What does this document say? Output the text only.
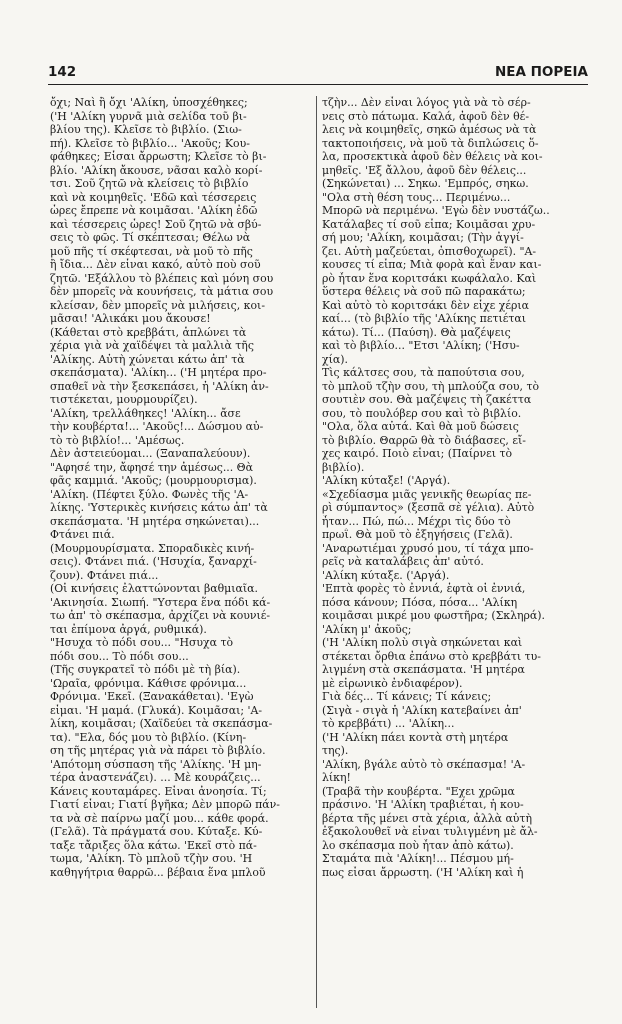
142	ΝΕΑ ΠΟΡΕΙΑ
ὄχι; Ναὶ ἢ ὄχι 'Αλίκη, ὑποσχέθηκες;
('Η 'Αλίκη γυρνᾶ μιὰ σελίδα τοῦ βι-
βλίου της). Κλεῖσε τὸ βιβλίο. (Σιω-
πή). Κλεῖσε τὸ βιβλίο... 'Ακοῦς; Κου-
φάθηκες; Εἶσαι ἄρρωστη; Κλεῖσε τὸ βι-
βλίο. 'Αλίκη ἄκουσε, νᾶσαι καλὸ κορί-
τσι. Σοῦ ζητῶ νὰ κλείσεις τὸ βιβλίο
καὶ νὰ κοιμηθεῖς. 'Εδῶ καὶ τέσσερεις
ὧρες ἔπρεπε νὰ κοιμᾶσαι. 'Αλίκη ἐδῶ
καὶ τέσσερεις ὧρες! Σοῦ ζητῶ νὰ σβύ-
σεις τὸ φῶς. Τί σκέπτεσαι; Θέλω νὰ
μοῦ πῆς τί σκέφτεσαι, νὰ μοῦ τὸ πῆς
ἢ ἴδια... Δὲν εἶναι κακό, αὐτὸ ποὺ σοῦ
ζητῶ. 'Εξάλλου τὸ βλέπεις καὶ μόνη σου
δὲν μπορεῖς νὰ κουνήσεις, τὰ μάτια σου
κλείσαν, δὲν μπορεῖς νὰ μιλήσεις, κοι-
μᾶσαι! 'Αλικάκι μου ἄκουσε!
(Κάθεται στὸ κρεββάτι, ἁπλώνει τὰ
χέρια γιὰ νὰ χαϊδέψει τὰ μαλλιὰ τῆς
'Αλίκης. Αὐτὴ χώνεται κάτω ἀπ' τὰ
σκεπάσματα). 'Αλίκη... ('Η μητέρα προ-
σπαθεῖ νὰ τὴν ξεσκεπάσει, ἡ 'Αλίκη ἀν-
τιστέκεται, μουρμουρίζει).
'Αλίκη, τρελλάθηκες! 'Αλίκη... ἄσε
τὴν κουβέρτα!... 'Ακοῦς!... Δώσμου αὐ-
τὸ τὸ βιβλίο!... 'Αμέσως.
Δὲν ἀστειεύομαι... (Ξαναπαλεύουν).
"Αφησέ την, ἄφησέ την ἀμέσως... Θὰ
φᾶς καμμιά. 'Ακοῦς; (μουρμουρισμα).
'Αλίκη. (Πέφτει ξύλο. Φωνὲς τῆς 'Α-
λίκης. 'Υστερικὲς κινήσεις κάτω ἀπ' τὰ
σκεπάσματα. 'Η μητέρα σηκώνεται)...
Φτάνει πιά.
(Μουρμουρίσματα. Σποραδικὲς κινή-
σεις). Φτάνει πιά. ('Ησυχία, ξαναρχί-
ζουν). Φτάνει πιά...
(Οἱ κινήσεις ἐλαττώνονται βαθμιαῖα.
'Ακινησία. Σιωπή. "Υστερα ἕνα πόδι κά-
τω ἀπ' τὸ σκέπασμα, ἀρχίζει νὰ κουνιέ-
ται ἐπίμονα ἀργά, ρυθμικά).
"Ησυχα τὸ πόδι σου... "Ησυχα τὸ
πόδι σου... Τὸ πόδι σου...
(Τῆς συγκρατεῖ τὸ πόδι μὲ τὴ βία).
'Ωραῖα, φρόνιμα. Κάθισε φρόνιμα...
Φρόνιμα. 'Εκεῖ. (Ξανακάθεται). 'Εγὼ
εἶμαι. 'Η μαμά. (Γλυκά). Κοιμᾶσαι; 'Α-
λίκη, κοιμᾶσαι; (Χαϊδεύει τὰ σκεπάσμα-
τα). "Ελα, δός μου τὸ βιβλίο. (Κίνη-
ση τῆς μητέρας γιὰ νὰ πάρει τὸ βιβλίο.
'Απότομη σύσπαση τῆς 'Αλίκης. 'Η μη-
τέρα ἀναστενάζει). ... Μὲ κουράζεις...
Κάνεις κουταμάρες. Εἶναι ἀνοησία. Τί;
Γιατί εἶναι; Γιατί βγῆκα; Δὲν μπορῶ πάν-
τα νὰ σὲ παίρνω μαζί μου... κάθε φορά.
(Γελᾶ). Τὰ πράγματά σου. Κύταξε. Κύ-
ταξε τἄριξες ὅλα κάτω. 'Εκεῖ στὸ πά-
τωμα, 'Αλίκη. Τὸ μπλοῦ τζὴν σου. 'Η
καθηγήτρια θαρρῶ... βέβαια ἕνα μπλοῦ
τζὴν... Δὲν εἶναι λόγος γιὰ νὰ τὸ σέρ-
νεις στὸ πάτωμα. Καλά, ἀφοῦ δὲν θέ-
λεις νὰ κοιμηθεῖς, σηκῶ ἀμέσως νὰ τὰ
τακτοποιήσεις, νὰ μοῦ τὰ διπλώσεις ὅ-
λα, προσεκτικὰ ἀφοῦ δὲν θέλεις νὰ κοι-
μηθεῖς. 'Εξ ἄλλου, ἀφοῦ δὲν θέλεις...
(Σηκώνεται) ... Σηκω. 'Εμπρός, σηκω.
"Ολα στὴ θέση τους... Περιμένω...
Μπορῶ νὰ περιμένω. 'Εγὼ δὲν νυστάζω..
Κατάλαβες τί σοῦ εἶπα; Κοιμᾶσαι χρυ-
σή μου; 'Αλίκη, κοιμᾶσαι; (Τὴν ἀγγί-
ζει. Αὐτὴ μαζεύεται, ὀπισθοχωρεῖ). "Α-
κουσες τί εἶπα; Μιὰ φορὰ καὶ ἕναν και-
ρὸ ἦταν ἕνα κοριτσάκι κωφάλαλο. Καὶ
ὕστερα θέλεις νὰ σοῦ πῶ παρακάτω;
Καὶ αὐτὸ τὸ κοριτσάκι δὲν εἶχε χέρια
καί... (τὸ βιβλίο τῆς 'Αλίκης πετιέται
κάτω). Τί... (Παύση). Θὰ μαζέψεις
καὶ τὸ βιβλίο... "Ετσι 'Αλίκη; ('Ησυ-
χία).
Τὶς κάλτσες σου, τὰ παπούτσια σου,
τὸ μπλοῦ τζὴν σου, τὴ μπλούζα σου, τὸ
σουτιὲν σου. Θὰ μαζέψεις τὴ ζακέττα
σου, τὸ πουλόβερ σου καὶ τὸ βιβλίο.
"Ολα, ὅλα αὐτά. Καὶ θὰ μοῦ δώσεις
τὸ βιβλίο. Θαρρῶ θὰ τὸ διάβασες, εἴ-
χες καιρό. Ποιὸ εἶναι; (Παίρνει τὸ
βιβλίο).
'Αλίκη κύταξε! ('Αργά).
«Σχεδίασμα μιᾶς γενικῆς θεωρίας πε-
ρὶ σύμπαντος» (ξεσπᾶ σὲ γέλια). Αὐτὸ
ἦταν... Πώ, πώ... Μέχρι τὶς δύο τὸ
πρωΐ. Θὰ μοῦ τὸ ἐξηγήσεις (Γελᾶ).
'Αναρωτιέμαι χρυσό μου, τί τάχα μπο-
ρεῖς νὰ καταλάβεις ἀπ' αὐτό.
'Αλίκη κύταξε. ('Αργά).
'Επτὰ φορὲς τὸ ἐννιά, ἑφτὰ οἱ ἐννιά,
πόσα κάνουν; Πόσα, πόσα... 'Αλίκη
κοιμᾶσαι μικρέ μου φωστῆρα; (Σκληρά).
'Αλίκη μ' ἀκοῦς;
('Η 'Αλίκη πολὺ σιγὰ σηκώνεται καὶ
στέκεται ὄρθια ἐπάνω στὸ κρεββάτι τυ-
λιγμένη στὰ σκεπάσματα. 'Η μητέρα
μὲ εἰρωνικὸ ἐνδιαφέρον).
Γιὰ δές... Τί κάνεις; Τί κάνεις;
(Σιγὰ - σιγὰ ἡ 'Αλίκη κατεβαίνει ἀπ'
τὸ κρεββάτι) ... 'Αλίκη...
('Η 'Αλίκη πάει κοντὰ στὴ μητέρα
της).
'Αλίκη, βγάλε αὐτὸ τὸ σκέπασμα! 'Α-
λίκη!
(Τραβᾶ τὴν κουβέρτα. "Εχει χρῶμα
πράσινο. 'Η 'Αλίκη τραβιέται, ἡ κου-
βέρτα τῆς μένει στὰ χέρια, ἀλλὰ αὐτὴ
ἐξακολουθεῖ νὰ εἶναι τυλιγμένη μὲ ἄλ-
λο σκέπασμα ποὺ ἦταν ἀπὸ κάτω).
Σταμάτα πιὰ 'Αλίκη!... Πέσμου μή-
πως εἶσαι ἄρρωστη. ('Η 'Αλίκη καὶ ἡ
